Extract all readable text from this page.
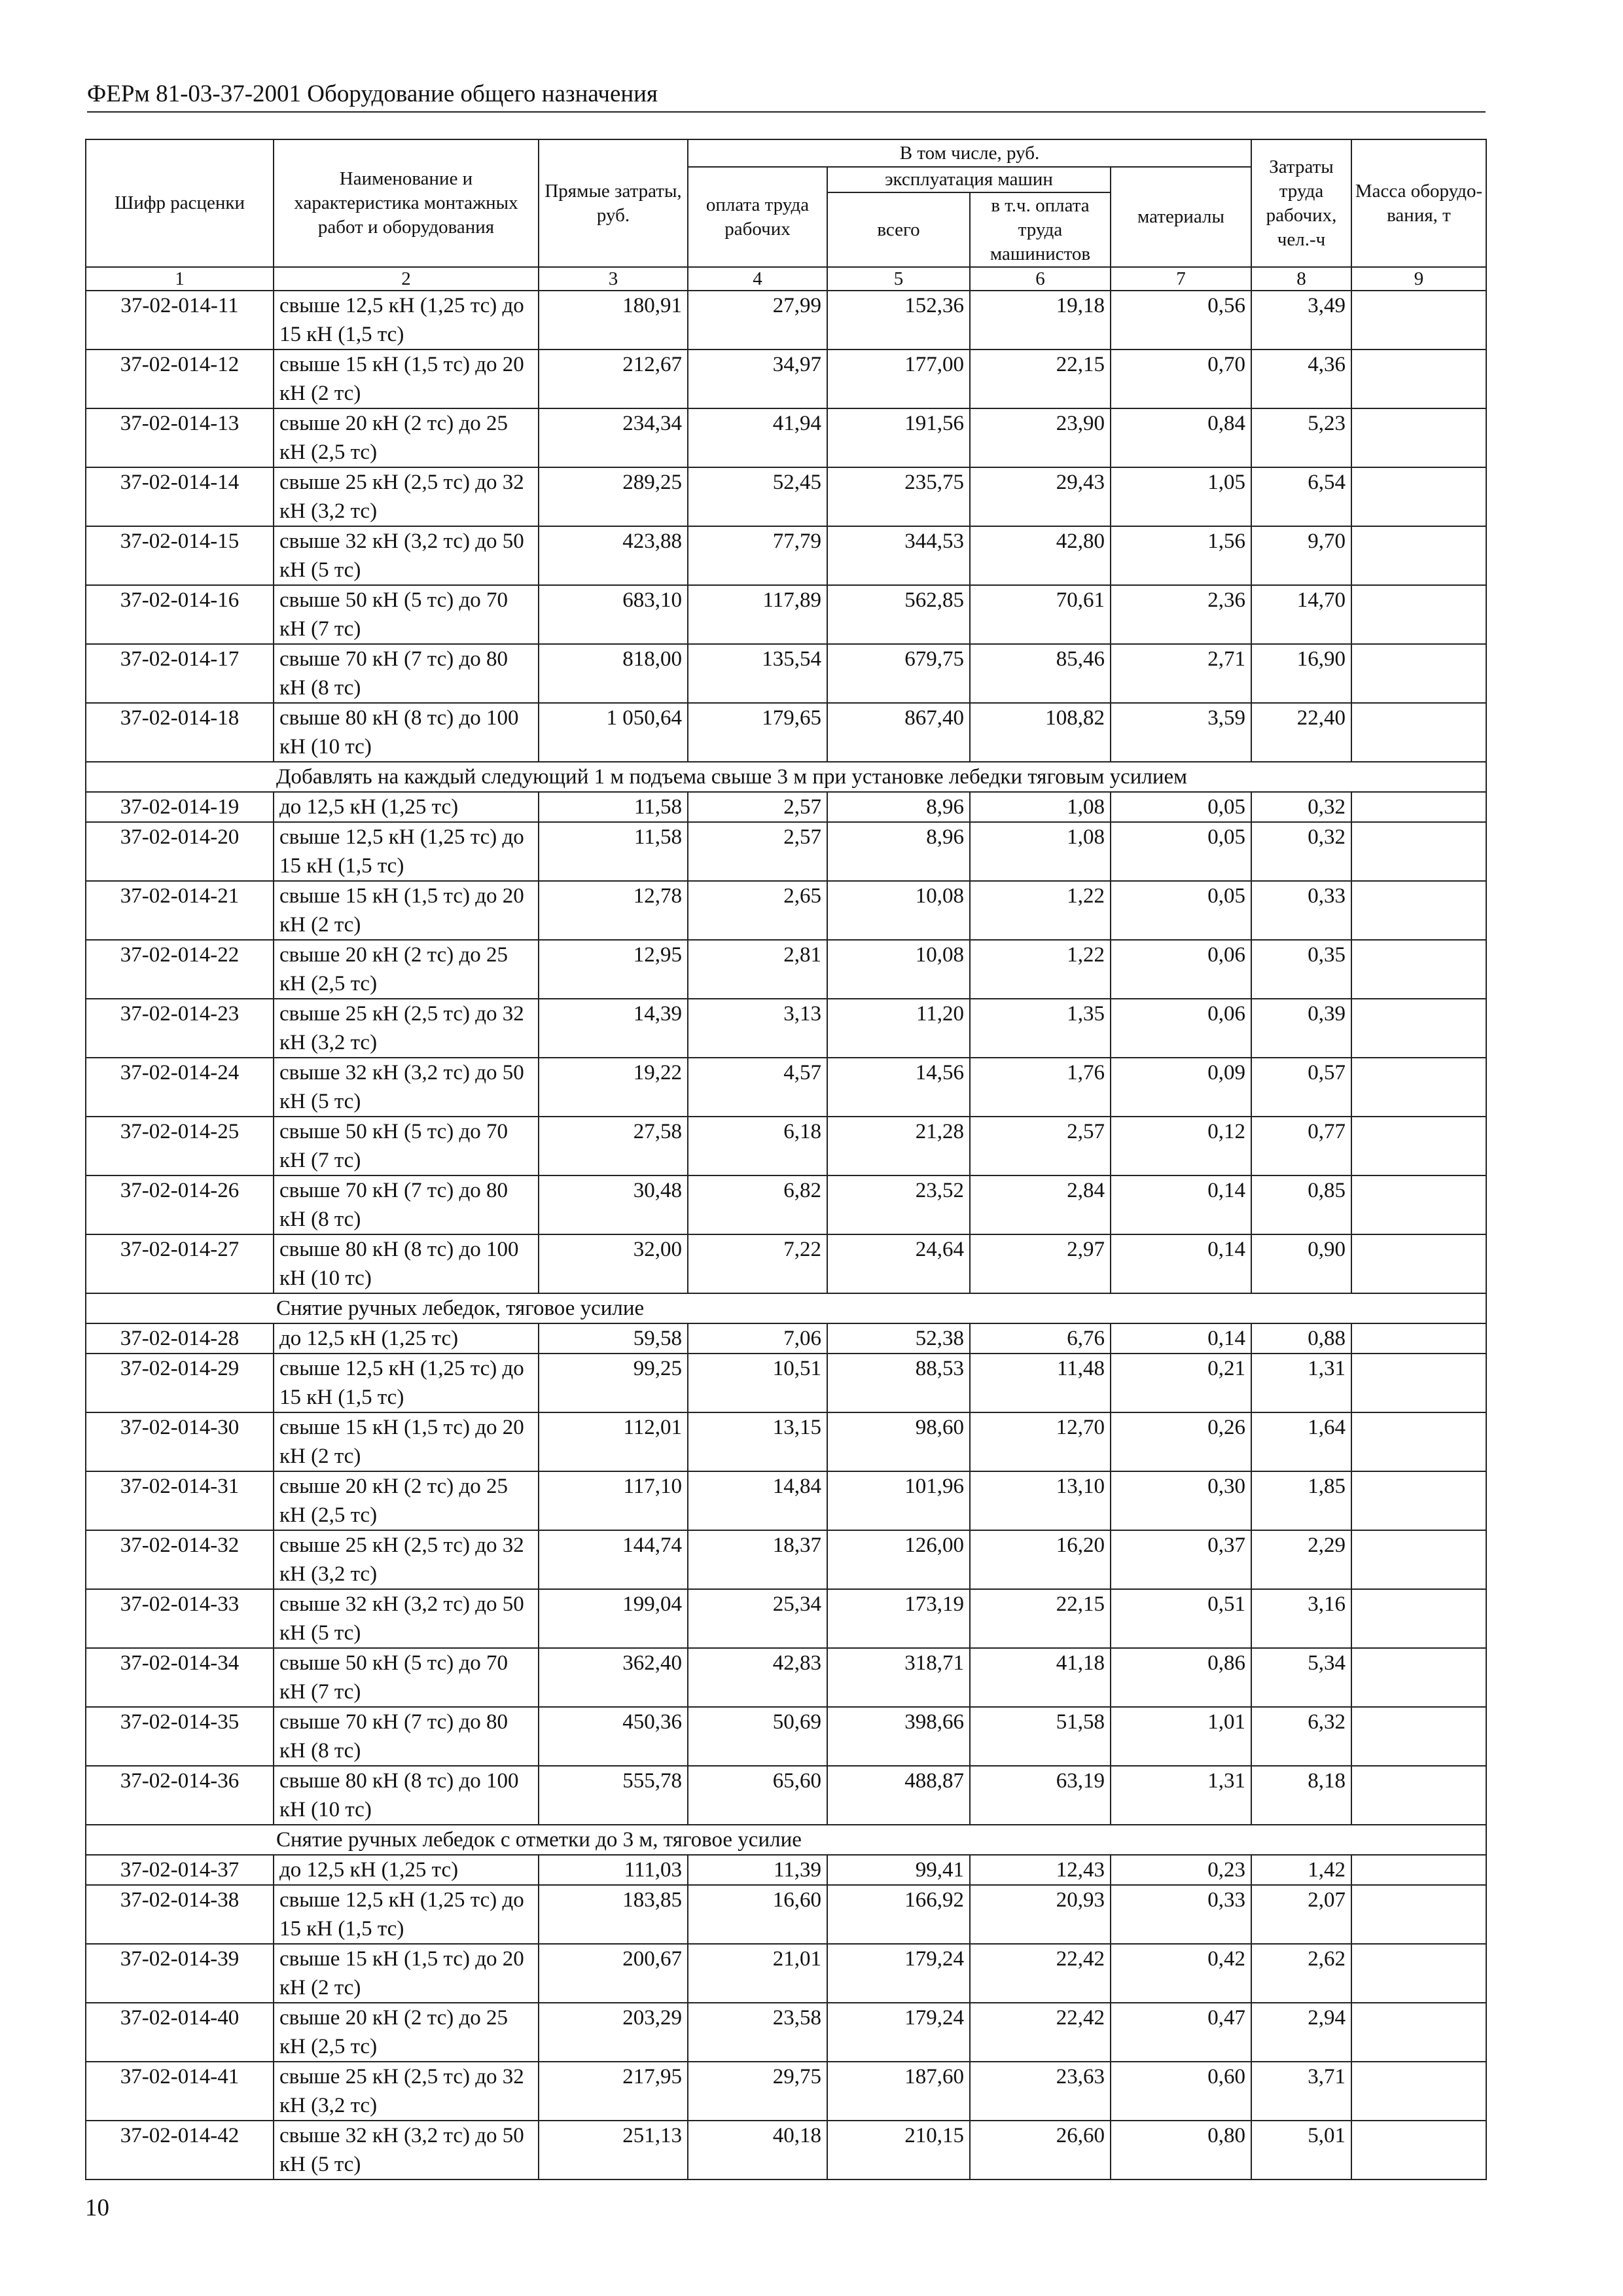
ФЕРм 81-03-37-2001 Оборудование общего назначения
Шифр расценки	Наименование и характеристика монтажных работ и оборудования	Прямые затраты, руб.	В том числе, руб.				Затраты труда рабочих, чел.-ч	Масса оборудо-вания, т
			оплата труда рабочих	эксплуатация машин		материалы		
				всего	в т.ч. оплата труда машинистов			
1	2	3	4	5	6	7	8	9
37-02-014-11	свыше 12,5 кН (1,25 тс) до 15 кН (1,5 тс)	180,91	27,99	152,36	19,18	0,56	3,49	
37-02-014-12	свыше 15 кН (1,5 тс) до 20 кН (2 тс)	212,67	34,97	177,00	22,15	0,70	4,36	
37-02-014-13	свыше 20 кН (2 тс) до 25 кН (2,5 тс)	234,34	41,94	191,56	23,90	0,84	5,23	
37-02-014-14	свыше 25 кН (2,5 тс) до 32 кН (3,2 тс)	289,25	52,45	235,75	29,43	1,05	6,54	
37-02-014-15	свыше 32 кН (3,2 тс) до 50 кН (5 тс)	423,88	77,79	344,53	42,80	1,56	9,70	
37-02-014-16	свыше 50 кН (5 тс) до 70 кН (7 тс)	683,10	117,89	562,85	70,61	2,36	14,70	
37-02-014-17	свыше 70 кН (7 тс) до 80 кН (8 тс)	818,00	135,54	679,75	85,46	2,71	16,90	
37-02-014-18	свыше 80 кН (8 тс) до 100 кН (10 тс)	1 050,64	179,65	867,40	108,82	3,59	22,40	
Добавлять на каждый следующий 1 м подъема свыше 3 м при установке лебедки тяговым усилием								
37-02-014-19	до 12,5 кН (1,25 тс)	11,58	2,57	8,96	1,08	0,05	0,32	
37-02-014-20	свыше 12,5 кН (1,25 тс) до 15 кН (1,5 тс)	11,58	2,57	8,96	1,08	0,05	0,32	
37-02-014-21	свыше 15 кН (1,5 тс) до 20 кН (2 тс)	12,78	2,65	10,08	1,22	0,05	0,33	
37-02-014-22	свыше 20 кН (2 тс) до 25 кН (2,5 тс)	12,95	2,81	10,08	1,22	0,06	0,35	
37-02-014-23	свыше 25 кН (2,5 тс) до 32 кН (3,2 тс)	14,39	3,13	11,20	1,35	0,06	0,39	
37-02-014-24	свыше 32 кН (3,2 тс) до 50 кН (5 тс)	19,22	4,57	14,56	1,76	0,09	0,57	
37-02-014-25	свыше 50 кН (5 тс) до 70 кН (7 тс)	27,58	6,18	21,28	2,57	0,12	0,77	
37-02-014-26	свыше 70 кН (7 тс) до 80 кН (8 тс)	30,48	6,82	23,52	2,84	0,14	0,85	
37-02-014-27	свыше 80 кН (8 тс) до 100 кН (10 тс)	32,00	7,22	24,64	2,97	0,14	0,90	
Снятие ручных лебедок, тяговое усилие								
37-02-014-28	до 12,5 кН (1,25 тс)	59,58	7,06	52,38	6,76	0,14	0,88	
37-02-014-29	свыше 12,5 кН (1,25 тс) до 15 кН (1,5 тс)	99,25	10,51	88,53	11,48	0,21	1,31	
37-02-014-30	свыше 15 кН (1,5 тс) до 20 кН (2 тс)	112,01	13,15	98,60	12,70	0,26	1,64	
37-02-014-31	свыше 20 кН (2 тс) до 25 кН (2,5 тс)	117,10	14,84	101,96	13,10	0,30	1,85	
37-02-014-32	свыше 25 кН (2,5 тс) до 32 кН (3,2 тс)	144,74	18,37	126,00	16,20	0,37	2,29	
37-02-014-33	свыше 32 кН (3,2 тс) до 50 кН (5 тс)	199,04	25,34	173,19	22,15	0,51	3,16	
37-02-014-34	свыше 50 кН (5 тс) до 70 кН (7 тс)	362,40	42,83	318,71	41,18	0,86	5,34	
37-02-014-35	свыше 70 кН (7 тс) до 80 кН (8 тс)	450,36	50,69	398,66	51,58	1,01	6,32	
37-02-014-36	свыше 80 кН (8 тс) до 100 кН (10 тс)	555,78	65,60	488,87	63,19	1,31	8,18	
Снятие ручных лебедок с отметки до 3 м, тяговое усилие								
37-02-014-37	до 12,5 кН (1,25 тс)	111,03	11,39	99,41	12,43	0,23	1,42	
37-02-014-38	свыше 12,5 кН (1,25 тс) до 15 кН (1,5 тс)	183,85	16,60	166,92	20,93	0,33	2,07	
37-02-014-39	свыше 15 кН (1,5 тс) до 20 кН (2 тс)	200,67	21,01	179,24	22,42	0,42	2,62	
37-02-014-40	свыше 20 кН (2 тс) до 25 кН (2,5 тс)	203,29	23,58	179,24	22,42	0,47	2,94	
37-02-014-41	свыше 25 кН (2,5 тс) до 32 кН (3,2 тс)	217,95	29,75	187,60	23,63	0,60	3,71	
37-02-014-42	свыше 32 кН (3,2 тс) до 50 кН (5 тс)	251,13	40,18	210,15	26,60	0,80	5,01	
10
